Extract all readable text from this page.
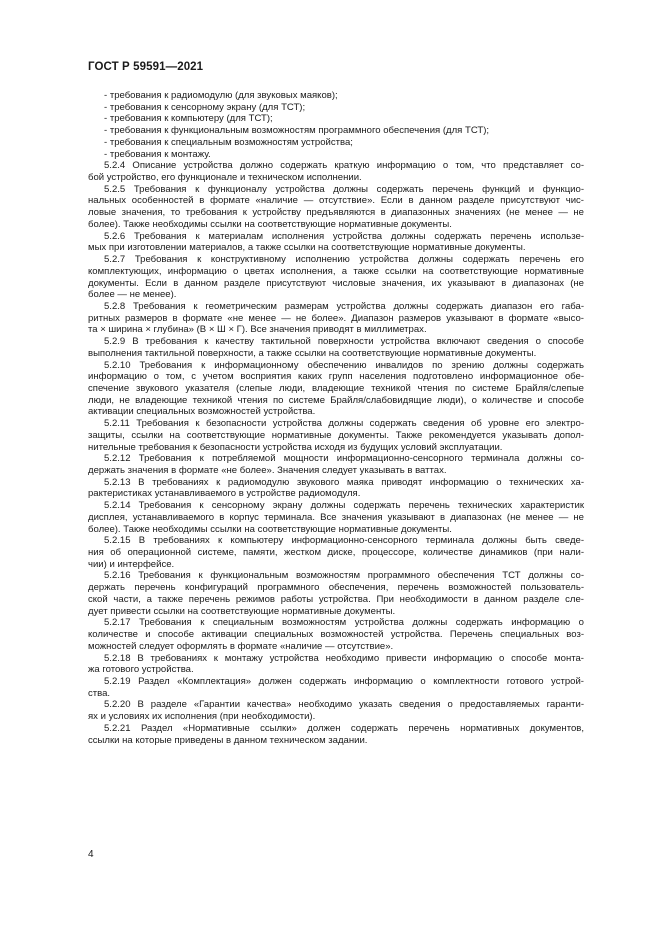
ГОСТ Р 59591—2021
- требования к радиомодулю (для звуковых маяков);
- требования к сенсорному экрану (для ТСТ);
- требования к компьютеру (для ТСТ);
- требования к функциональным возможностям программного обеспечения (для ТСТ);
- требования к специальным возможностям устройства;
- требования к монтажу.
5.2.4 Описание устройства должно содержать краткую информацию о том, что представляет со-
бой устройство, его функционале и техническом исполнении.
5.2.5 Требования к функционалу устройства должны содержать перечень функций и функцио-
нальных особенностей в формате «наличие — отсутствие». Если в данном разделе присутствуют чис-
ловые значения, то требования к устройству предъявляются в диапазонных значениях (не менее — не
более). Также необходимы ссылки на соответствующие нормативные документы.
5.2.6 Требования к материалам исполнения устройства должны содержать перечень использе-
мых при изготовлении материалов, а также ссылки на соответствующие нормативные документы.
5.2.7 Требования к конструктивному исполнению устройства должны содержать перечень его
комплектующих, информацию о цветах исполнения, а также ссылки на соответствующие нормативные
документы. Если в данном разделе присутствуют числовые значения, их указывают в диапазонах (не
более — не менее).
5.2.8 Требования к геометрическим размерам устройства должны содержать диапазон его габа-
ритных размеров в формате «не менее — не более». Диапазон размеров указывают в формате «высо-
та × ширина × глубина» (В × Ш × Г). Все значения приводят в миллиметрах.
5.2.9 В требования к качеству тактильной поверхности устройства включают сведения о способе
выполнения тактильной поверхности, а также ссылки на соответствующие нормативные документы.
5.2.10 Требования к информационному обеспечению инвалидов по зрению должны содержать
информацию о том, с учетом восприятия каких групп населения подготовлено информационное обе-
спечение звукового указателя (слепые люди, владеющие техникой чтения по системе Брайля/слепые
люди, не владеющие техникой чтения по системе Брайля/слабовидящие люди), о количестве и способе
активации специальных возможностей устройства.
5.2.11 Требования к безопасности устройства должны содержать сведения об уровне его электро-
защиты, ссылки на соответствующие нормативные документы. Также рекомендуется указывать допол-
нительные требования к безопасности устройства исходя из будущих условий эксплуатации.
5.2.12 Требования к потребляемой мощности информационно-сенсорного терминала должны со-
держать значения в формате «не более». Значения следует указывать в ваттах.
5.2.13 В требованиях к радиомодулю звукового маяка приводят информацию о технических ха-
рактеристиках устанавливаемого в устройстве радиомодуля.
5.2.14 Требования к сенсорному экрану должны содержать перечень технических характеристик
дисплея, устанавливаемого в корпус терминала. Все значения указывают в диапазонах (не менее — не
более). Также необходимы ссылки на соответствующие нормативные документы.
5.2.15 В требованиях к компьютеру информационно-сенсорного терминала должны быть сведе-
ния об операционной системе, памяти, жестком диске, процессоре, количестве динамиков (при нали-
чии) и интерфейсе.
5.2.16 Требования к функциональным возможностям программного обеспечения ТСТ должны со-
держать перечень конфигураций программного обеспечения, перечень возможностей пользователь-
ской части, а также перечень режимов работы устройства. При необходимости в данном разделе сле-
дует привести ссылки на соответствующие нормативные документы.
5.2.17 Требования к специальным возможностям устройства должны содержать информацию о
количестве и способе активации специальных возможностей устройства. Перечень специальных воз-
можностей следует оформлять в формате «наличие — отсутствие».
5.2.18 В требованиях к монтажу устройства необходимо привести информацию о способе монта-
жа готового устройства.
5.2.19 Раздел «Комплектация» должен содержать информацию о комплектности готового устрой-
ства.
5.2.20 В разделе «Гарантии качества» необходимо указать сведения о предоставляемых гаранти-
ях и условиях их исполнения (при необходимости).
5.2.21 Раздел «Нормативные ссылки» должен содержать перечень нормативных документов,
ссылки на которые приведены в данном техническом задании.
4
